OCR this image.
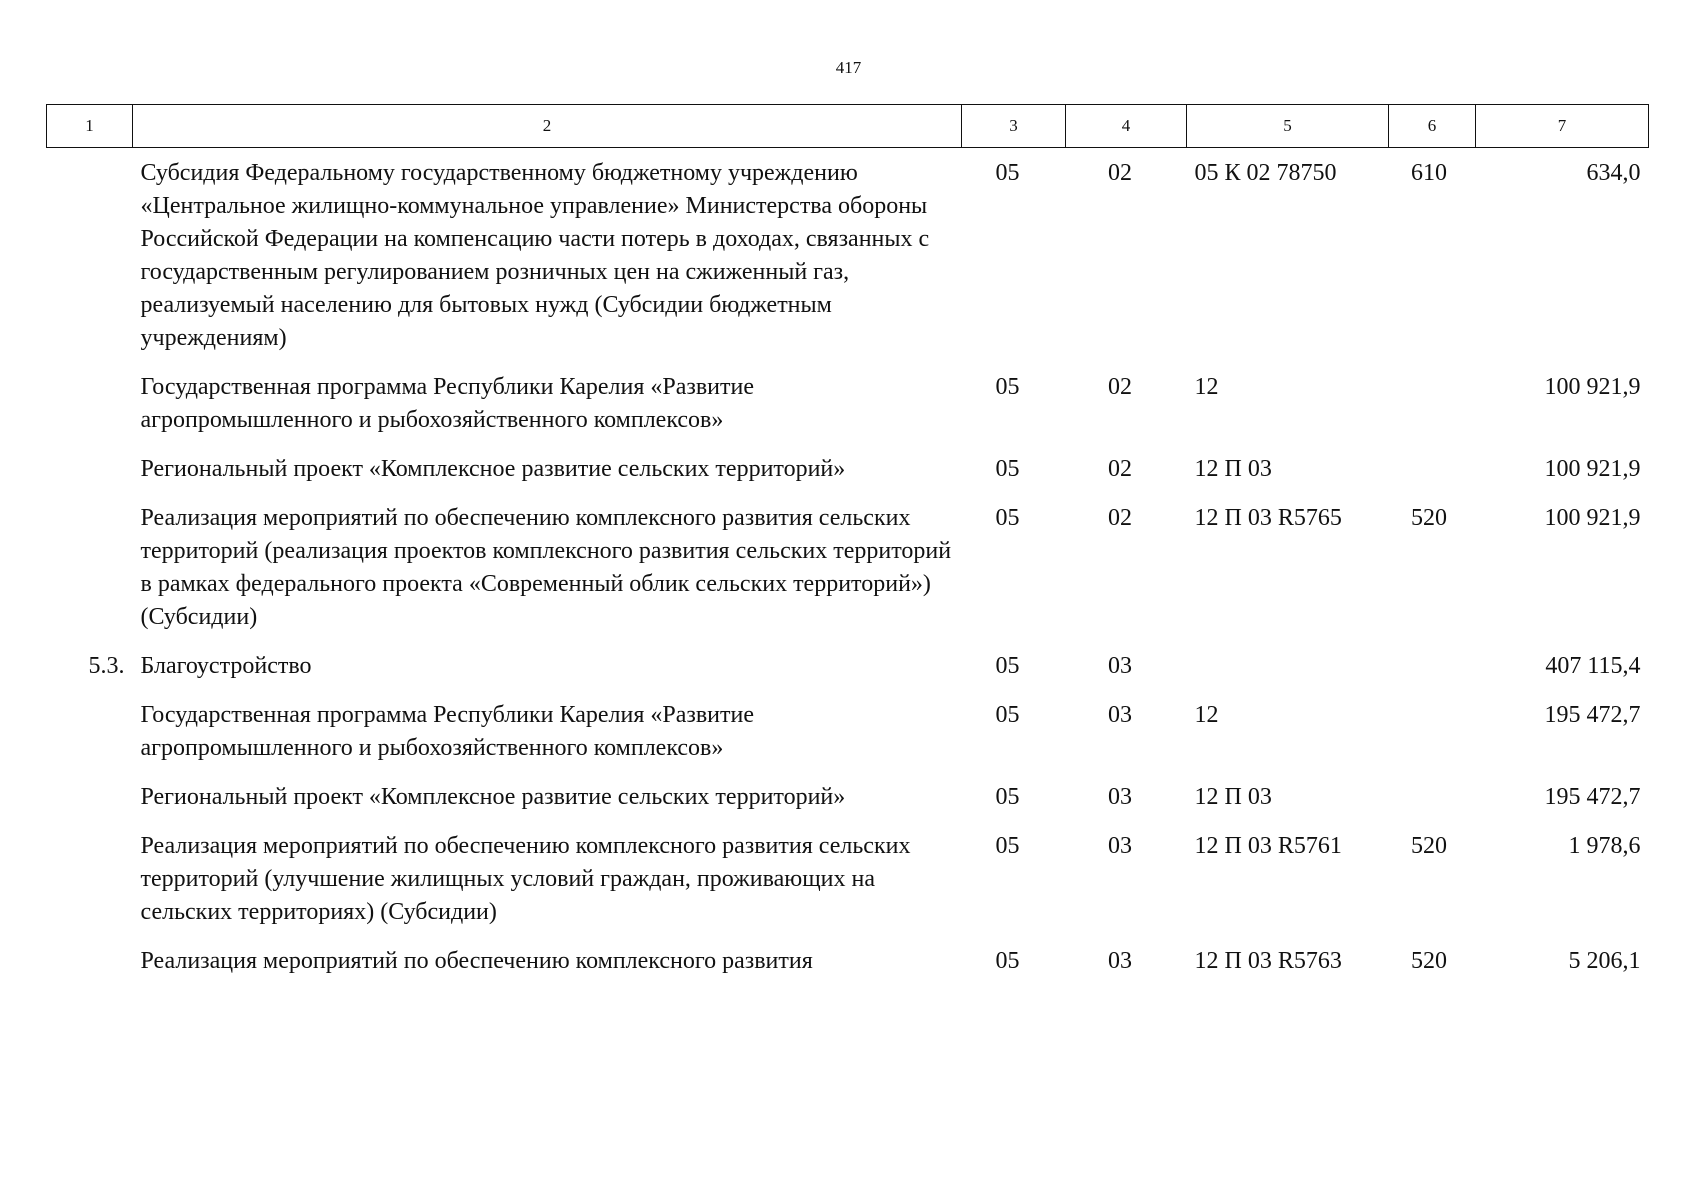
417
1	2	3	4	5	6	7
	Субсидия Федеральному государственному бюджетному учреждению «Центральное жилищно-коммунальное управление» Министерства обороны Российской Федерации на компенсацию части потерь в доходах, связанных с государственным регулированием розничных цен на сжиженный газ, реализуемый населению для бытовых нужд (Субсидии бюджетным учреждениям)	05	02	05 К 02 78750	610	634,0
	Государственная программа Республики Карелия «Развитие агропромышленного и рыбохозяйственного комплексов»	05	02	12		100 921,9
	Региональный проект «Комплексное развитие сельских территорий»	05	02	12 П 03		100 921,9
	Реализация мероприятий по обеспечению комплексного развития сельских территорий (реализация проектов комплексного развития сельских территорий в рамках федерального проекта «Современный облик сельских территорий») (Субсидии)	05	02	12 П 03 R5765	520	100 921,9
5.3.	Благоустройство	05	03			407 115,4
	Государственная программа Республики Карелия «Развитие агропромышленного и рыбохозяйственного комплексов»	05	03	12		195 472,7
	Региональный проект «Комплексное развитие сельских территорий»	05	03	12 П 03		195 472,7
	Реализация мероприятий по обеспечению комплексного развития сельских территорий (улучшение жилищных условий граждан, проживающих на сельских территориях) (Субсидии)	05	03	12 П 03 R5761	520	1 978,6
	Реализация мероприятий по обеспечению комплексного развития	05	03	12 П 03 R5763	520	5 206,1
